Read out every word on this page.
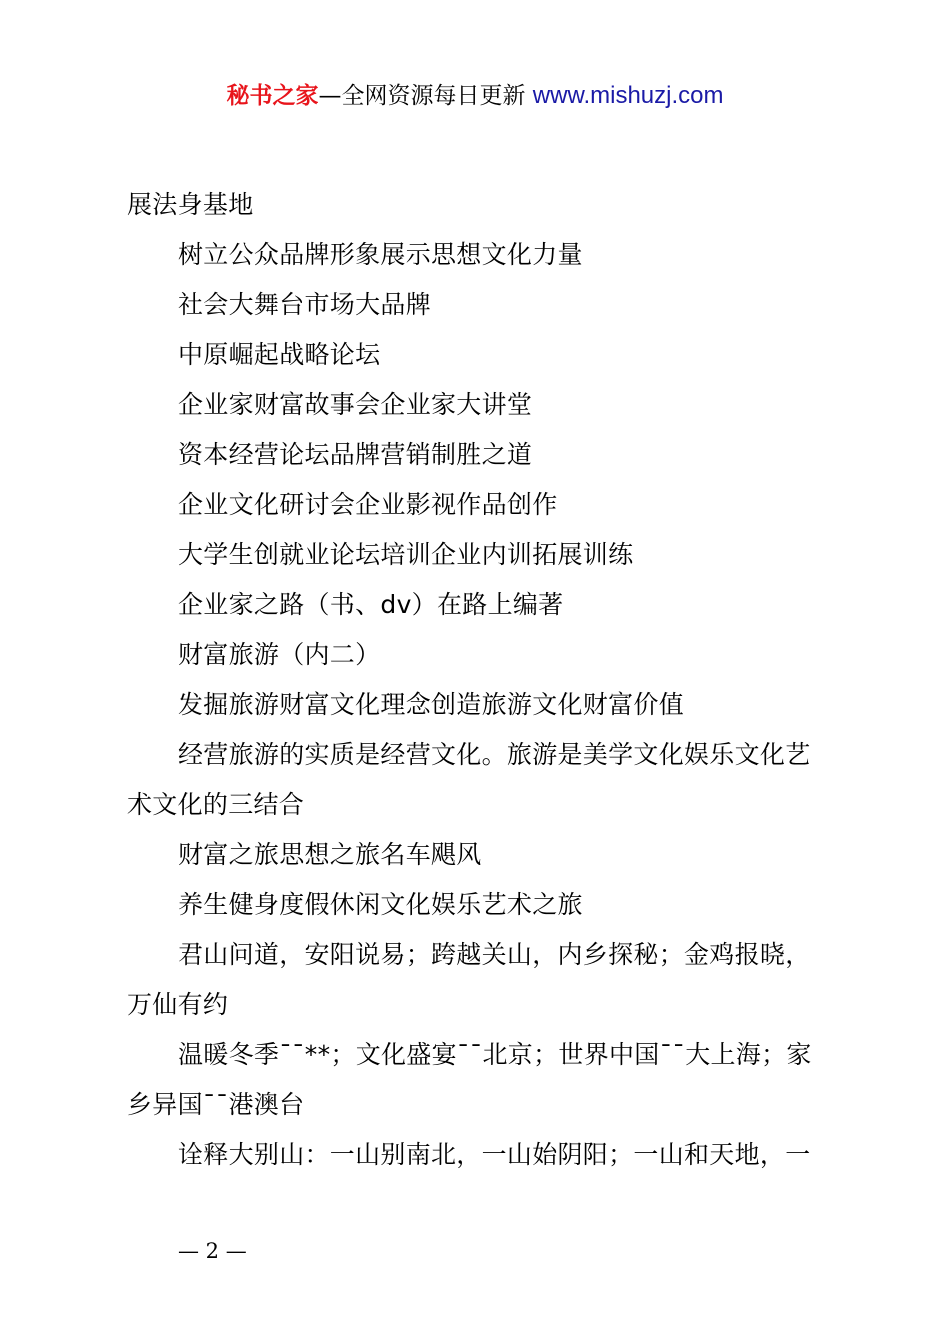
秘书之家—全网资源每日更新 www.mishuzj.com

展法身基地

树立公众品牌形象展示思想文化力量

社会大舞台市场大品牌

中原崛起战略论坛

企业家财富故事会企业家大讲堂

资本经营论坛品牌营销制胜之道

企业文化研讨会企业影视作品创作

大学生创就业论坛培训企业内训拓展训练

企业家之路（书、dv）在路上编著

财富旅游（内二）

发掘旅游财富文化理念创造旅游文化财富价值

经营旅游的实质是经营文化。旅游是美学文化娱乐文化艺术文化的三结合

财富之旅思想之旅名车飓风

养生健身度假休闲文化娱乐艺术之旅

君山问道，安阳说易；跨越关山，内乡探秘；金鸡报晓，万仙有约

温暖冬季¯¯**；文化盛宴¯¯北京；世界中国¯¯大上海；家乡异国¯¯港澳台

诠释大别山：一山别南北，一山始阴阳；一山和天地，一

— 2 —
